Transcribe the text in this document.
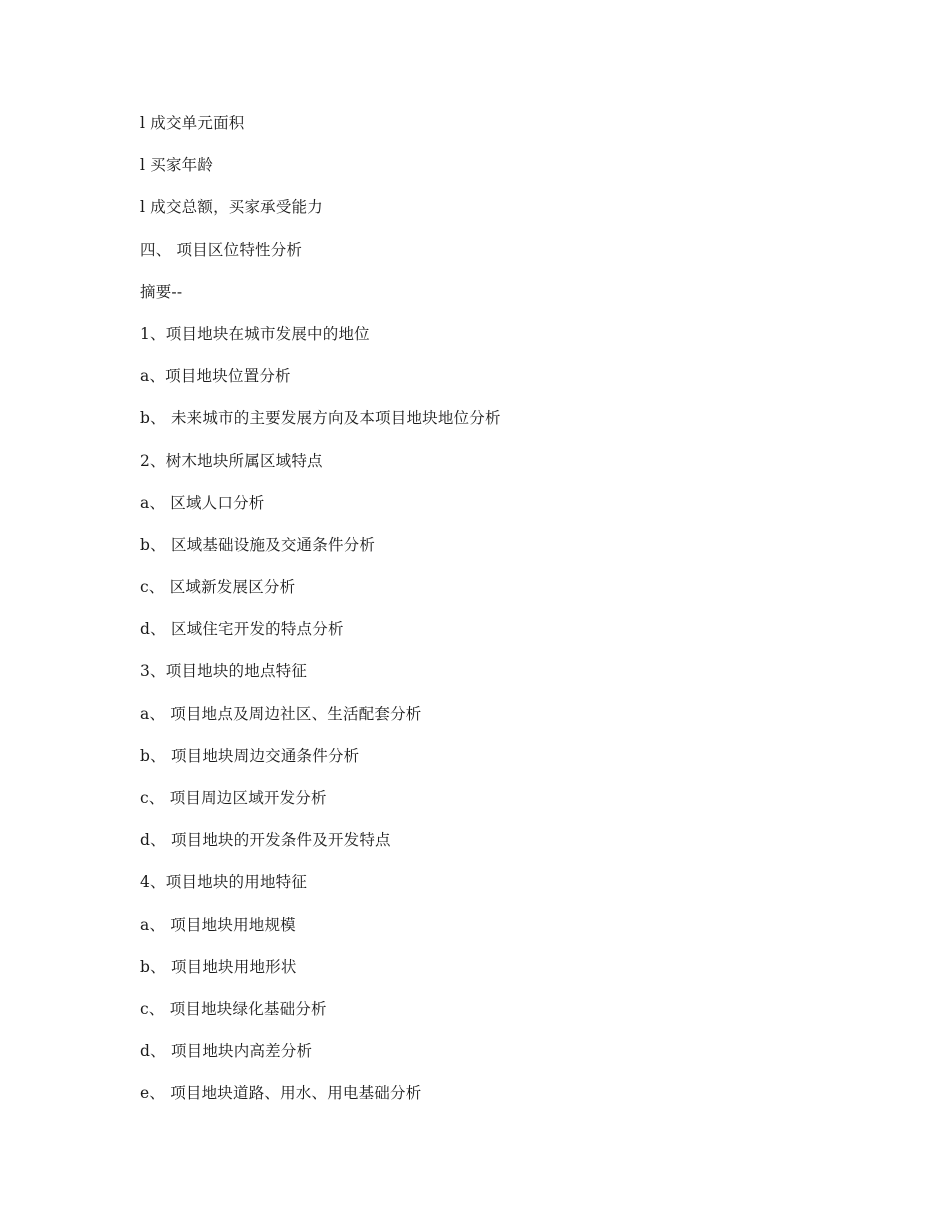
l 成交单元面积
l 买家年龄
l 成交总额，买家承受能力
四、 项目区位特性分析
摘要--
1、项目地块在城市发展中的地位
a、项目地块位置分析
b、 未来城市的主要发展方向及本项目地块地位分析
2、树木地块所属区域特点
a、 区域人口分析
b、 区域基础设施及交通条件分析
c、 区域新发展区分析
d、 区域住宅开发的特点分析
3、项目地块的地点特征
a、 项目地点及周边社区、生活配套分析
b、 项目地块周边交通条件分析
c、 项目周边区域开发分析
d、 项目地块的开发条件及开发特点
4、项目地块的用地特征
a、 项目地块用地规模
b、 项目地块用地形状
c、 项目地块绿化基础分析
d、 项目地块内高差分析
e、 项目地块道路、用水、用电基础分析
